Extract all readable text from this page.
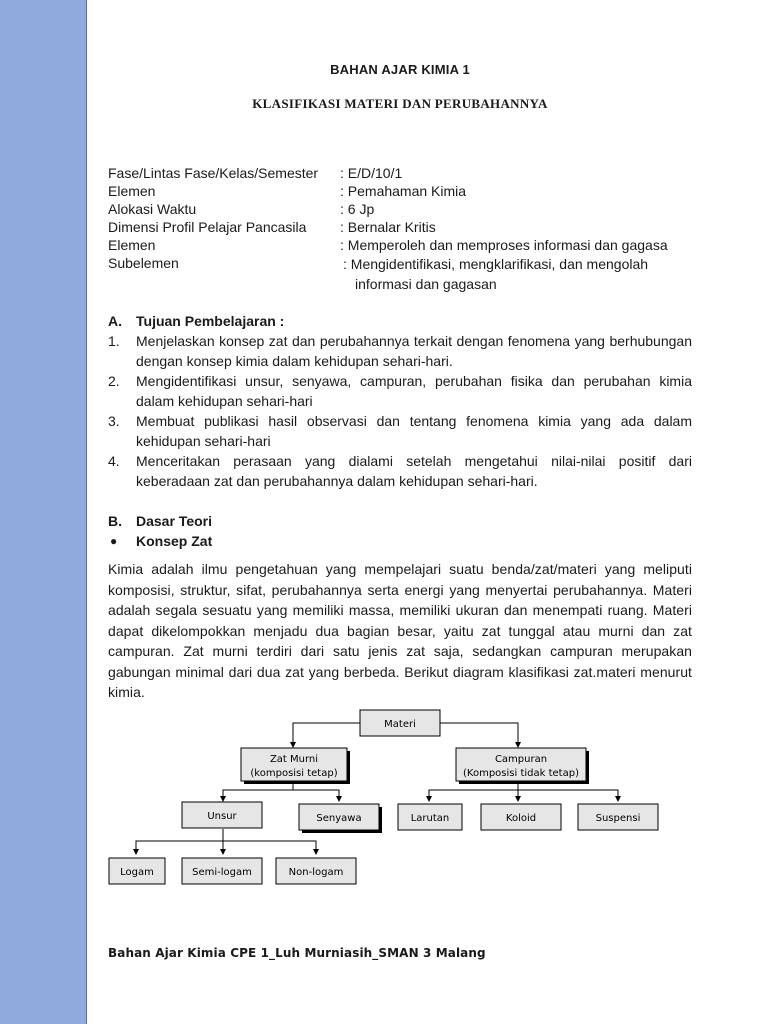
BAHAN AJAR KIMIA 1
KLASIFIKASI MATERI DAN PERUBAHANNYA
Fase/Lintas Fase/Kelas/Semester : E/D/10/1
Elemen	: Pemahaman Kimia
Alokasi Waktu	: 6 Jp
Dimensi Profil Pelajar Pancasila : Bernalar Kritis
Elemen	: Memperoleh dan memproses informasi dan gagasa
Subelemen	: Mengidentifikasi, mengklarifikasi, dan mengolah
informasi dan gagasan
A. Tujuan Pembelajaran :
1. Menjelaskan konsep zat dan perubahannya terkait dengan fenomena yang berhubungan dengan konsep kimia dalam kehidupan sehari-hari.
2. Mengidentifikasi unsur, senyawa, campuran, perubahan fisika dan perubahan kimia dalam kehidupan sehari-hari
3. Membuat publikasi hasil observasi dan tentang fenomena kimia yang ada dalam kehidupan sehari-hari
4. Menceritakan perasaan yang dialami setelah mengetahui nilai-nilai positif dari keberadaan zat dan perubahannya dalam kehidupan sehari-hari.
B. Dasar Teori
● Konsep Zat
Kimia adalah ilmu pengetahuan yang mempelajari suatu benda/zat/materi yang meliputi komposisi, struktur, sifat, perubahannya serta energi yang menyertai perubahannya. Materi adalah segala sesuatu yang memiliki massa, memiliki ukuran dan menempati ruang. Materi dapat dikelompokkan menjadu dua bagian besar, yaitu zat tunggal atau murni dan zat campuran. Zat murni terdiri dari satu jenis zat saja, sedangkan campuran merupakan gabungan minimal dari dua zat yang berbeda. Berikut diagram klasifikasi zat.materi menurut kimia.
Materi
Zat Murni
(komposisi tetap)
Campuran
(Komposisi tidak tetap)
Unsur	Senyawa	Larutan	Koloid	Suspensi
Logam	Semi-logam	Non-logam
Bahan Ajar Kimia CPE 1_Luh Murniasih_SMAN 3 Malang
